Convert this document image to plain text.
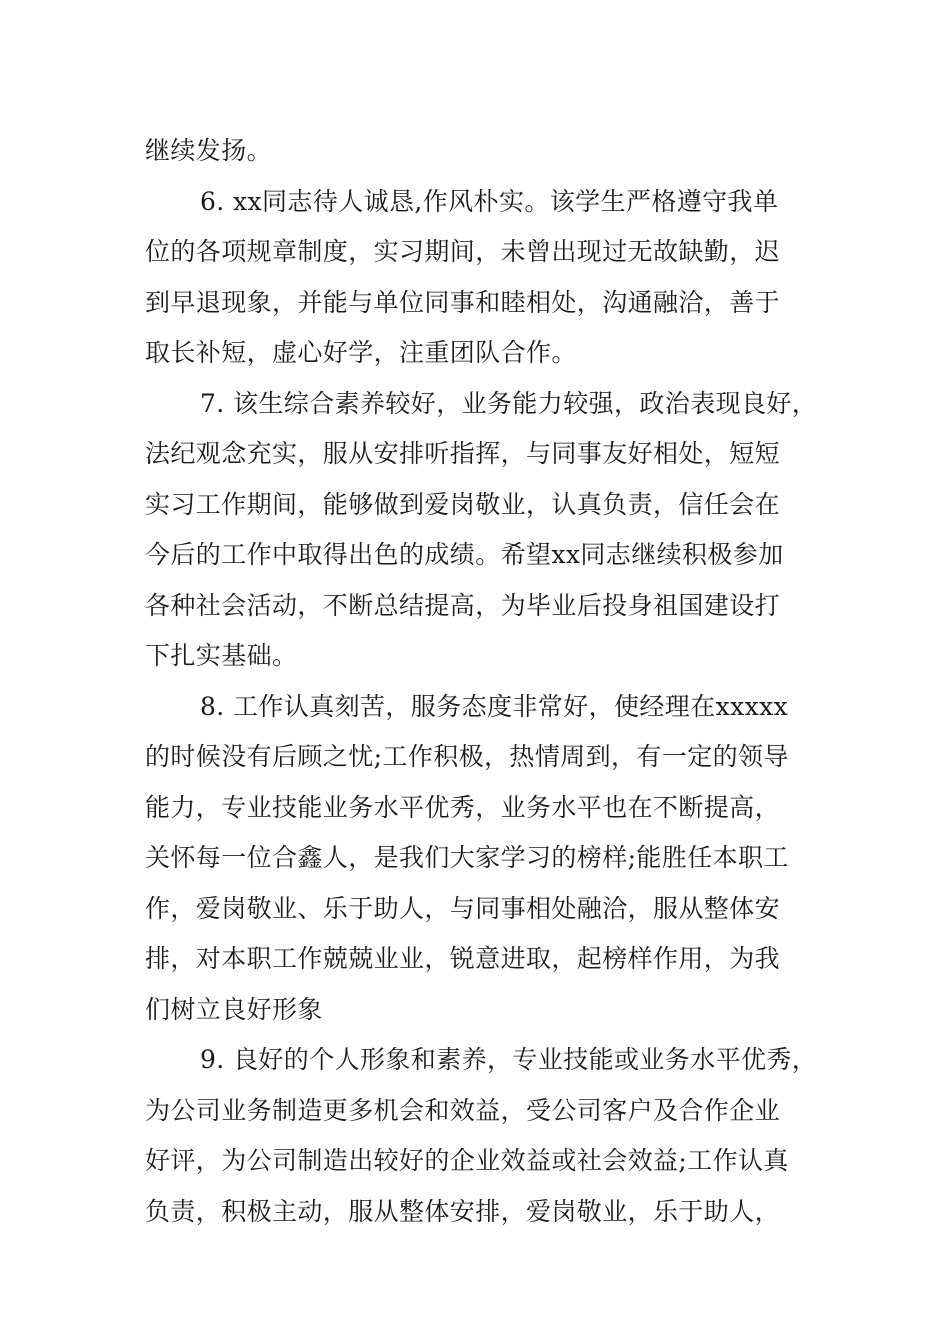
继续发扬。
6. xx同志待人诚恳,作风朴实。该学生严格遵守我单
位的各项规章制度，实习期间，未曾出现过无故缺勤，迟
到早退现象，并能与单位同事和睦相处，沟通融洽，善于
取长补短，虚心好学，注重团队合作。
7. 该生综合素养较好，业务能力较强，政治表现良好，
法纪观念充实，服从安排听指挥，与同事友好相处，短短
实习工作期间，能够做到爱岗敬业，认真负责，信任会在
今后的工作中取得出色的成绩。希望xx同志继续积极参加
各种社会活动，不断总结提高，为毕业后投身祖国建设打
下扎实基础。
8. 工作认真刻苦，服务态度非常好，使经理在xxxxx
的时候没有后顾之忧;工作积极，热情周到，有一定的领导
能力，专业技能业务水平优秀，业务水平也在不断提高，
关怀每一位合鑫人，是我们大家学习的榜样;能胜任本职工
作，爱岗敬业、乐于助人，与同事相处融洽，服从整体安
排，对本职工作兢兢业业，锐意进取，起榜样作用，为我
们树立良好形象
9. 良好的个人形象和素养，专业技能或业务水平优秀，
为公司业务制造更多机会和效益，受公司客户及合作企业
好评，为公司制造出较好的企业效益或社会效益;工作认真
负责，积极主动，服从整体安排，爱岗敬业，乐于助人，
